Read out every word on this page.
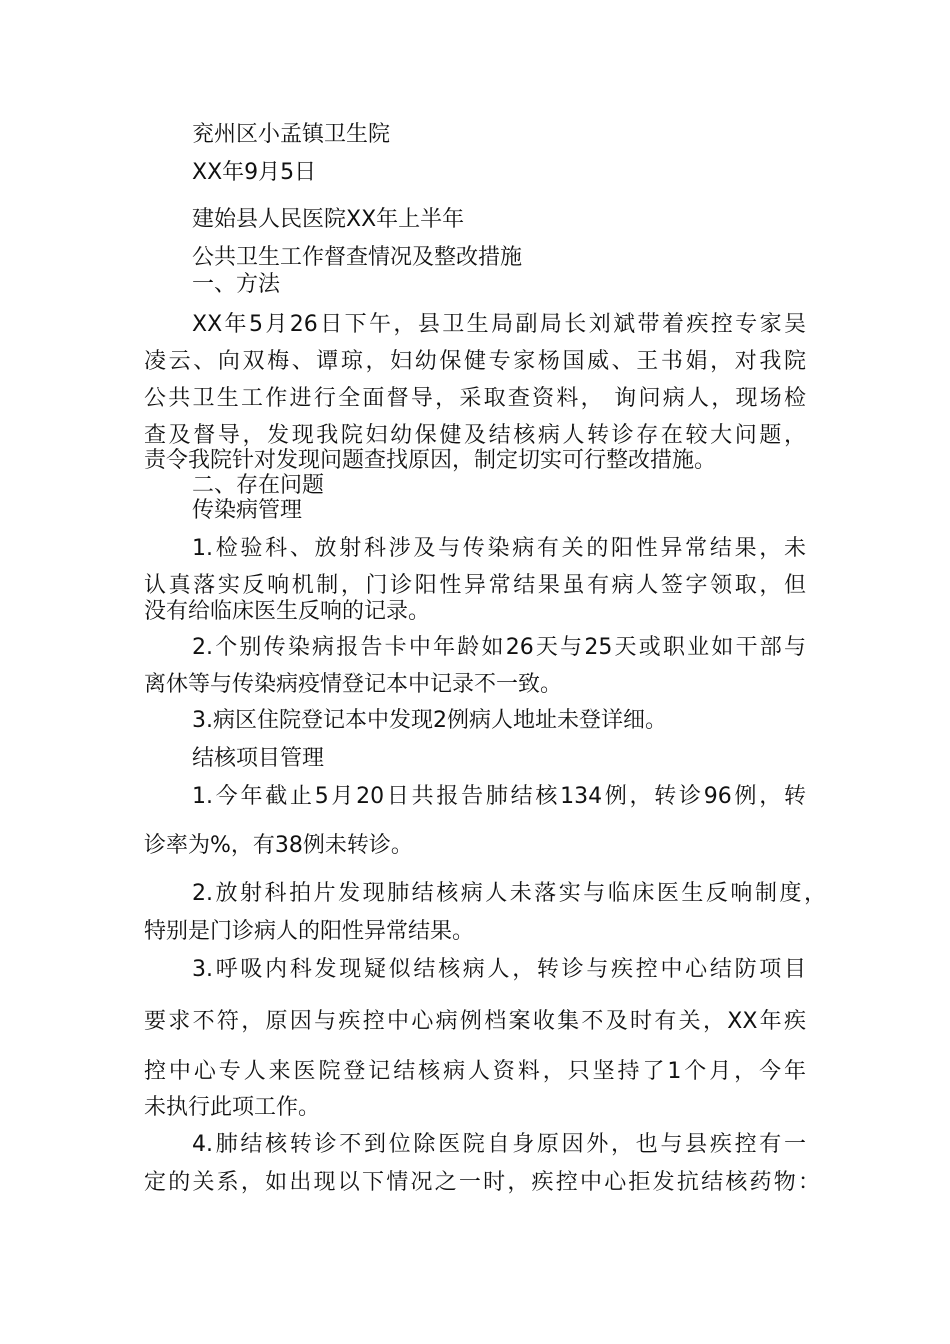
兖州区小孟镇卫生院
XX年9月5日
建始县人民医院XX年上半年
公共卫生工作督查情况及整改措施
一、方法
XX年5月26日下午，县卫生局副局长刘斌带着疾控专家吴
凌云、向双梅、谭琼，妇幼保健专家杨国威、王书娟，对我院
公共卫生工作进行全面督导，采取查资料， 询问病人，现场检
查及督导，发现我院妇幼保健及结核病人转诊存在较大问题，
责令我院针对发现问题查找原因，制定切实可行整改措施。
二、存在问题
传染病管理
1.检验科、放射科涉及与传染病有关的阳性异常结果，未
认真落实反响机制，门诊阳性异常结果虽有病人签字领取，但
没有给临床医生反响的记录。
2.个别传染病报告卡中年龄如26天与25天或职业如干部与
离休等与传染病疫情登记本中记录不一致。
3.病区住院登记本中发现2例病人地址未登详细。
结核项目管理
1.今年截止5月20日共报告肺结核134例，转诊96例，转
诊率为%，有38例未转诊。
2.放射科拍片发现肺结核病人未落实与临床医生反响制度，
特别是门诊病人的阳性异常结果。
3.呼吸内科发现疑似结核病人，转诊与疾控中心结防项目
要求不符，原因与疾控中心病例档案收集不及时有关，XX年疾
控中心专人来医院登记结核病人资料，只坚持了1个月，今年
未执行此项工作。
4.肺结核转诊不到位除医院自身原因外，也与县疾控有一
定的关系，如出现以下情况之一时，疾控中心拒发抗结核药物：
